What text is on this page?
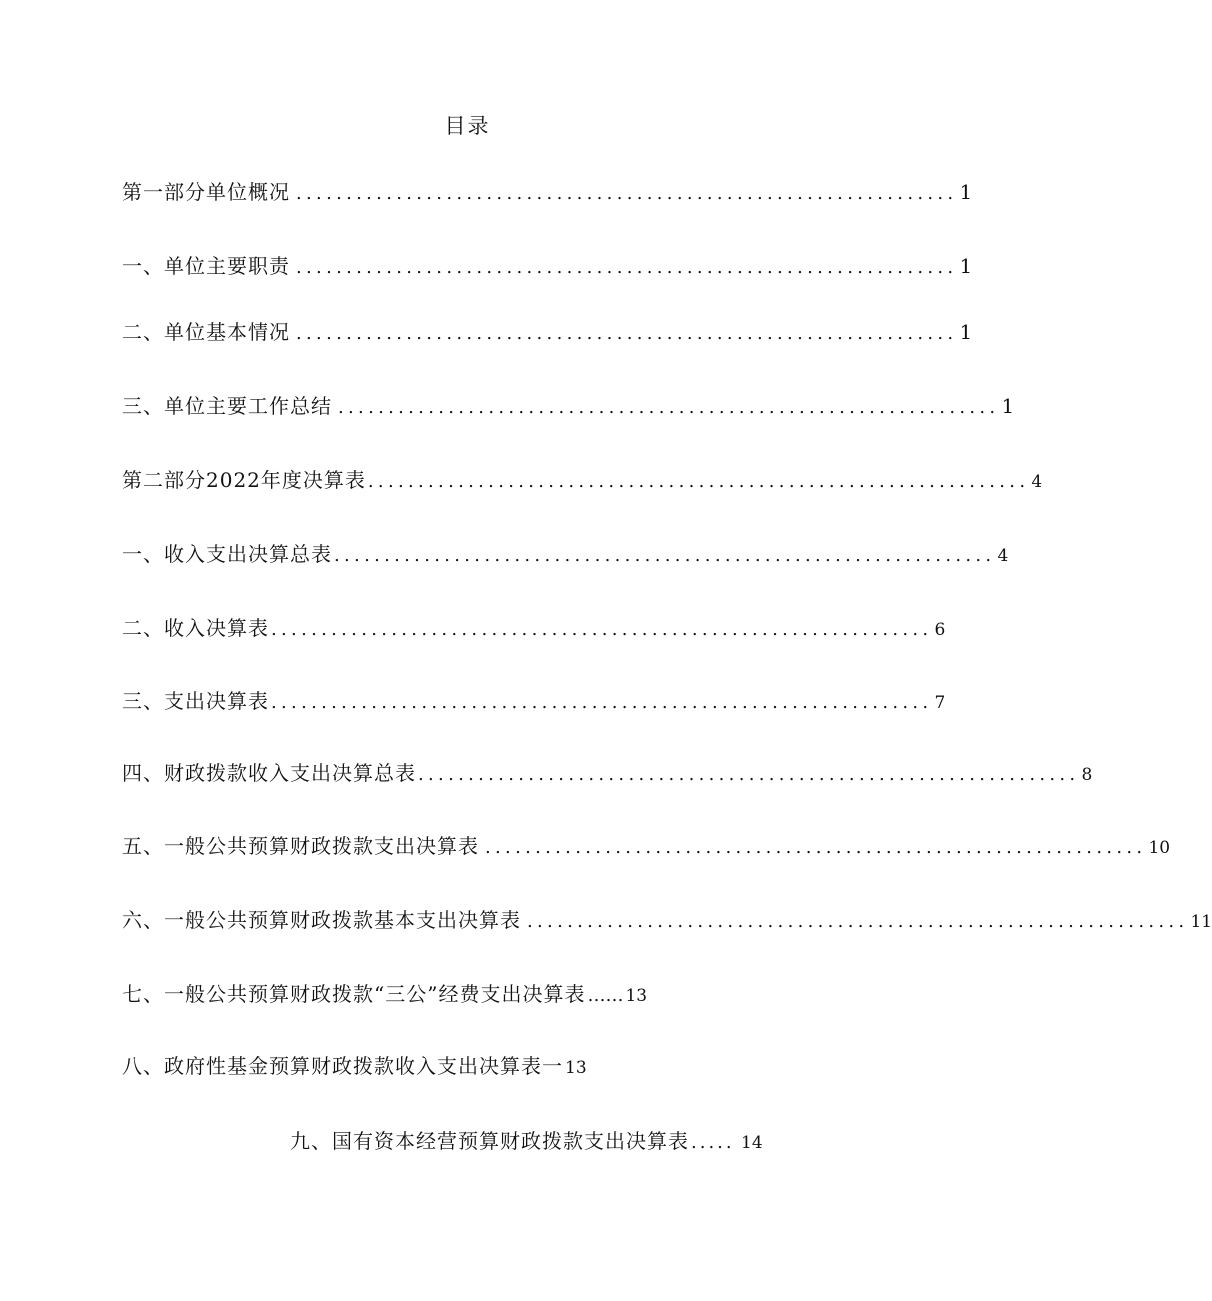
目录
第一部分单位概况 .................................................................. 1
一、单位主要职责 .................................................................. 1
二、单位基本情况 .................................................................. 1
三、单位主要工作总结 .................................................................. 1
第二部分2022年度决算表 .................................................................. 4
一、收入支出决算总表 .................................................................. 4
二、收入决算表 .................................................................. 6
三、支出决算表 .................................................................. 7
四、财政拨款收入支出决算总表 .................................................................. 8
五、一般公共预算财政拨款支出决算表 .................................................................. 10
六、一般公共预算财政拨款基本支出决算表 .................................................................. 11
七、一般公共预算财政拨款“三公”经费支出决算表 …… 13
八、政府性基金预算财政拨款收入支出决算表一 13
九、国有资本经营预算财政拨款支出决算表 ..... 14
